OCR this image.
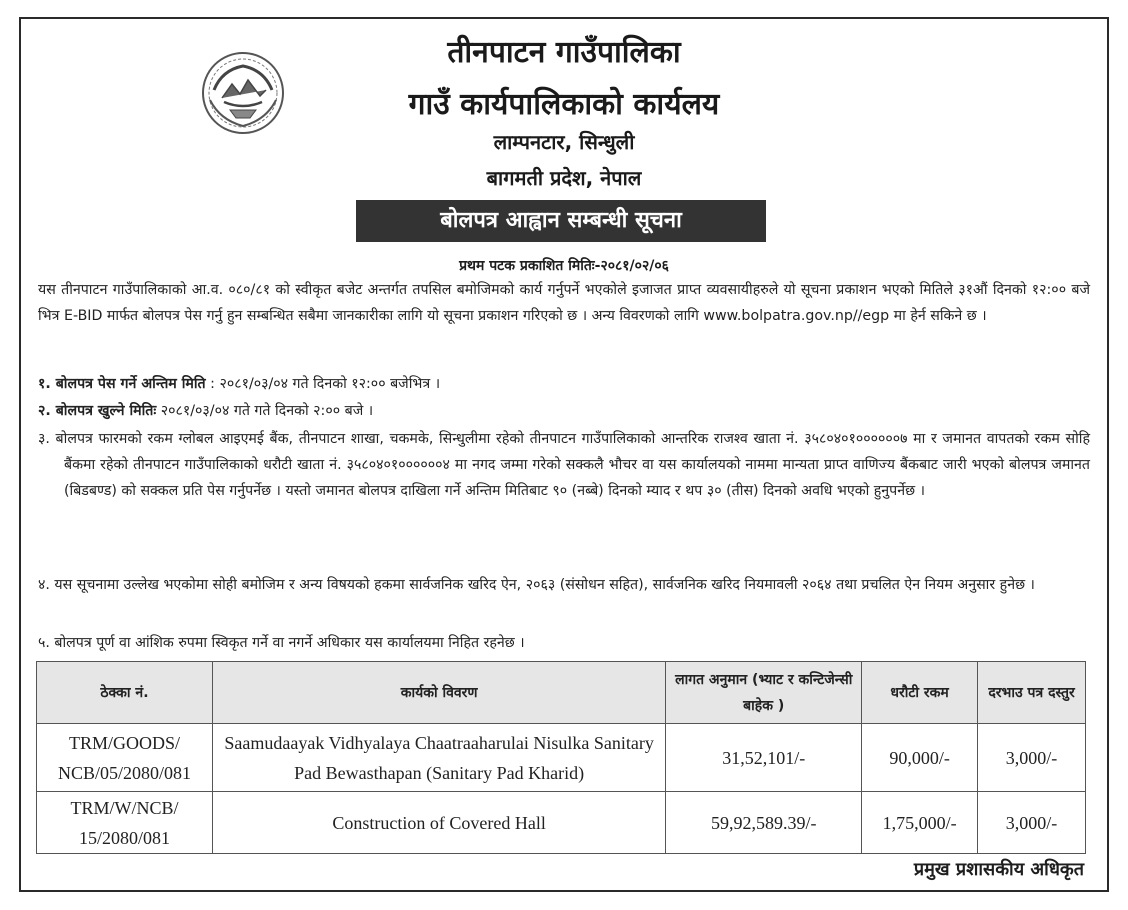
तीनपाटन गाउँपालिका
गाउँ कार्यपालिकाको कार्यलय
लाम्पनटार, सिन्धुली
बागमती प्रदेश, नेपाल
बोलपत्र आह्वान सम्बन्धी सूचना
प्रथम पटक प्रकाशित मितिः-२०८१/०२/०६
यस तीनपाटन गाउँपालिकाको आ.व. ०८०/८१ को स्वीकृत बजेट अन्तर्गत तपसिल बमोजिमको कार्य गर्नुपर्ने भएकोले इजाजत प्राप्त व्यवसायीहरुले यो सूचना प्रकाशन भएको मितिले ३१औं दिनको १२:०० बजे भित्र E-BID मार्फत बोलपत्र पेस गर्नु हुन सम्बन्धित सबैमा जानकारीका लागि यो सूचना प्रकाशन गरिएको छ । अन्य विवरणको लागि www.bolpatra.gov.np//egp मा हेर्न सकिने छ ।
१. बोलपत्र पेस गर्ने अन्तिम मिति : २०८१/०३/०४ गते दिनको १२:०० बजेभित्र ।
२. बोलपत्र खुल्ने मितिः २०८१/०३/०४ गते गते दिनको २:०० बजे ।
३. बोलपत्र फारमको रकम ग्लोबल आइएमई बैंक, तीनपाटन शाखा, चकमके, सिन्धुलीमा रहेको तीनपाटन गाउँपालिकाको आन्तरिक राजश्व खाता नं. ३५८०४०१००००००७ मा र जमानत वापतको रकम सोहि बैंकमा रहेको तीनपाटन गाउँपालिकाको धरौटी खाता नं. ३५८०४०१००००००४ मा नगद जम्मा गरेको सक्कलै भौचर वा यस कार्यालयको नाममा मान्यता प्राप्त वाणिज्य बैंकबाट जारी भएको बोलपत्र जमानत (बिडबण्ड) को सक्कल प्रति पेस गर्नुपर्नेछ । यस्तो जमानत बोलपत्र दाखिला गर्ने अन्तिम मितिबाट ९० (नब्बे) दिनको म्याद र थप ३० (तीस) दिनको अवधि भएको हुनुपर्नेछ ।
४. यस सूचनामा उल्लेख भएकोमा सोही बमोजिम र अन्य विषयको हकमा सार्वजनिक खरिद ऐन, २०६३ (संसोधन सहित), सार्वजनिक खरिद नियमावली २०६४ तथा प्रचलित ऐन नियम अनुसार हुनेछ ।
५. बोलपत्र पूर्ण वा आंशिक रुपमा स्विकृत गर्ने वा नगर्ने अधिकार यस कार्यालयमा निहित रहनेछ ।
ठेक्का नं.	कार्यको विवरण	लागत अनुमान (भ्याट र कन्टिजेन्सी बाहेक )	धरौटी रकम	दरभाउ पत्र दस्तुर
TRM/GOODS/ NCB/05/2080/081	Saamudaayak Vidhyalaya Chaatraaharulai Nisulka Sanitary Pad Bewasthapan (Sanitary Pad Kharid)	31,52,101/-	90,000/-	3,000/-
TRM/W/NCB/ 15/2080/081	Construction of Covered Hall	59,92,589.39/-	1,75,000/-	3,000/-
प्रमुख प्रशासकीय अधिकृत
